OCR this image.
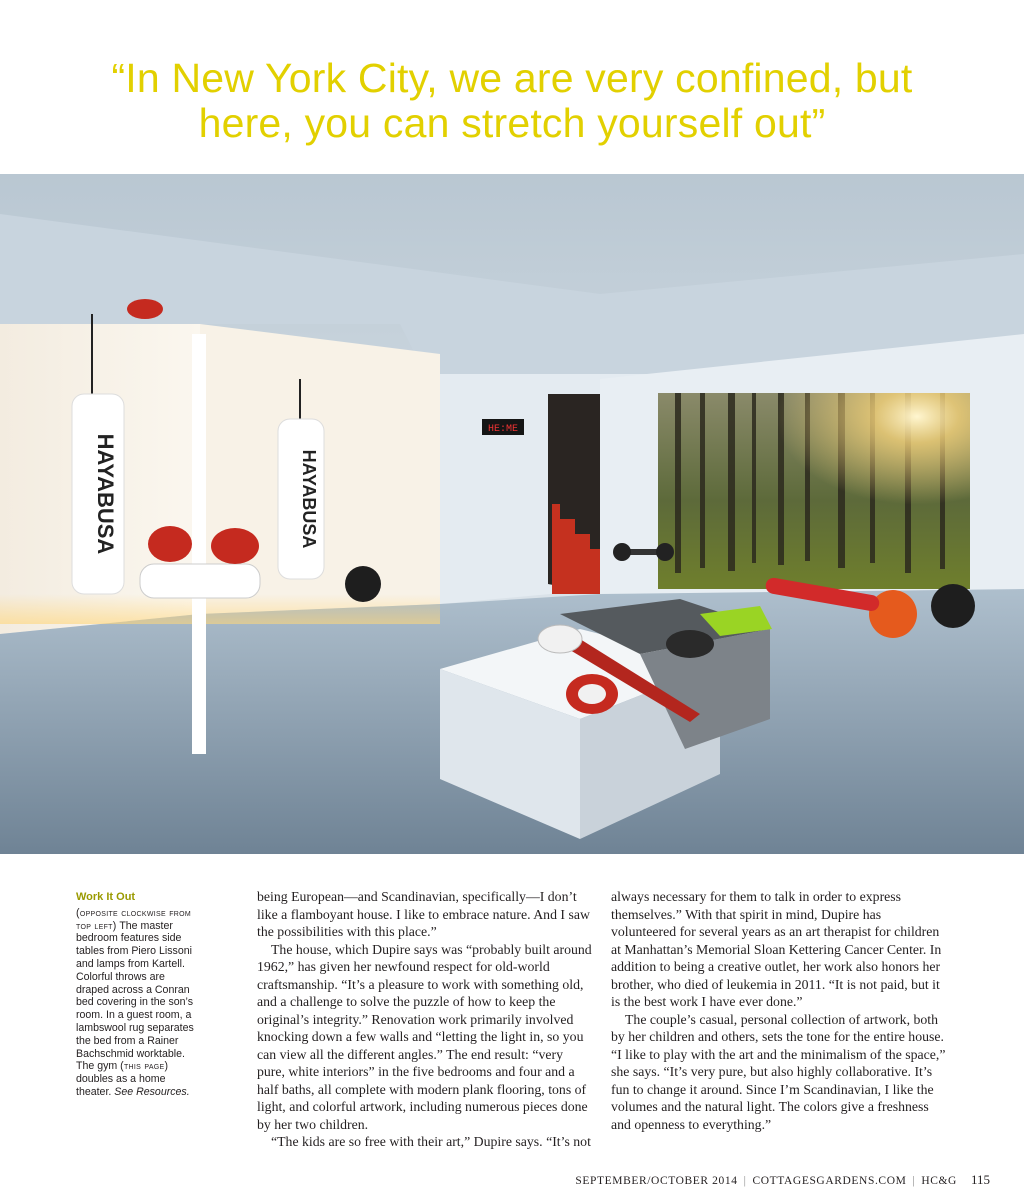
“In New York City, we are very confined, but
here, you can stretch yourself out”
HAYABUSA	HAYABUSA
HE:ME
Work It Out
(opposite clockwise from top left) The master bedroom features side tables from Piero Lissoni and lamps from Kartell. Colorful throws are draped across a Conran bed covering in the son’s room. In a guest room, a lambswool rug separates the bed from a Rainer Bachschmid worktable. The gym (this page) doubles as a home theater. See Resources.

being European—and Scandinavian, specifically—I don’t like a flamboyant house. I like to embrace nature. And I saw the possibilities with this place.”

The house, which Dupire says was “probably built around 1962,” has given her newfound respect for old-world craftsmanship. “It’s a pleasure to work with something old, and a challenge to solve the puzzle of how to keep the original’s integrity.” Renovation work primarily involved knocking down a few walls and “letting the light in, so you can view all the different angles.” The end result: “very pure, white interiors” in the five bedrooms and four and a half baths, all complete with modern plank flooring, tons of light, and colorful artwork, including numerous pieces done by her two children.

“The kids are so free with their art,” Dupire says. “It’s not

always necessary for them to talk in order to express themselves.” With that spirit in mind, Dupire has volunteered for several years as an art therapist for children at Manhattan’s Memorial Sloan Kettering Cancer Center. In addition to being a creative outlet, her work also honors her brother, who died of leukemia in 2011. “It is not paid, but it is the best work I have ever done.”

The couple’s casual, personal collection of artwork, both by her children and others, sets the tone for the entire house. “I like to play with the art and the minimalism of the space,” she says. “It’s very pure, but also highly collaborative. It’s fun to change it around. Since I’m Scandinavian, I like the volumes and the natural light. The colors give a freshness and openness to everything.”

SEPTEMBER/OCTOBER 2014 | COTTAGESGARDENS.COM | HC&G 115
